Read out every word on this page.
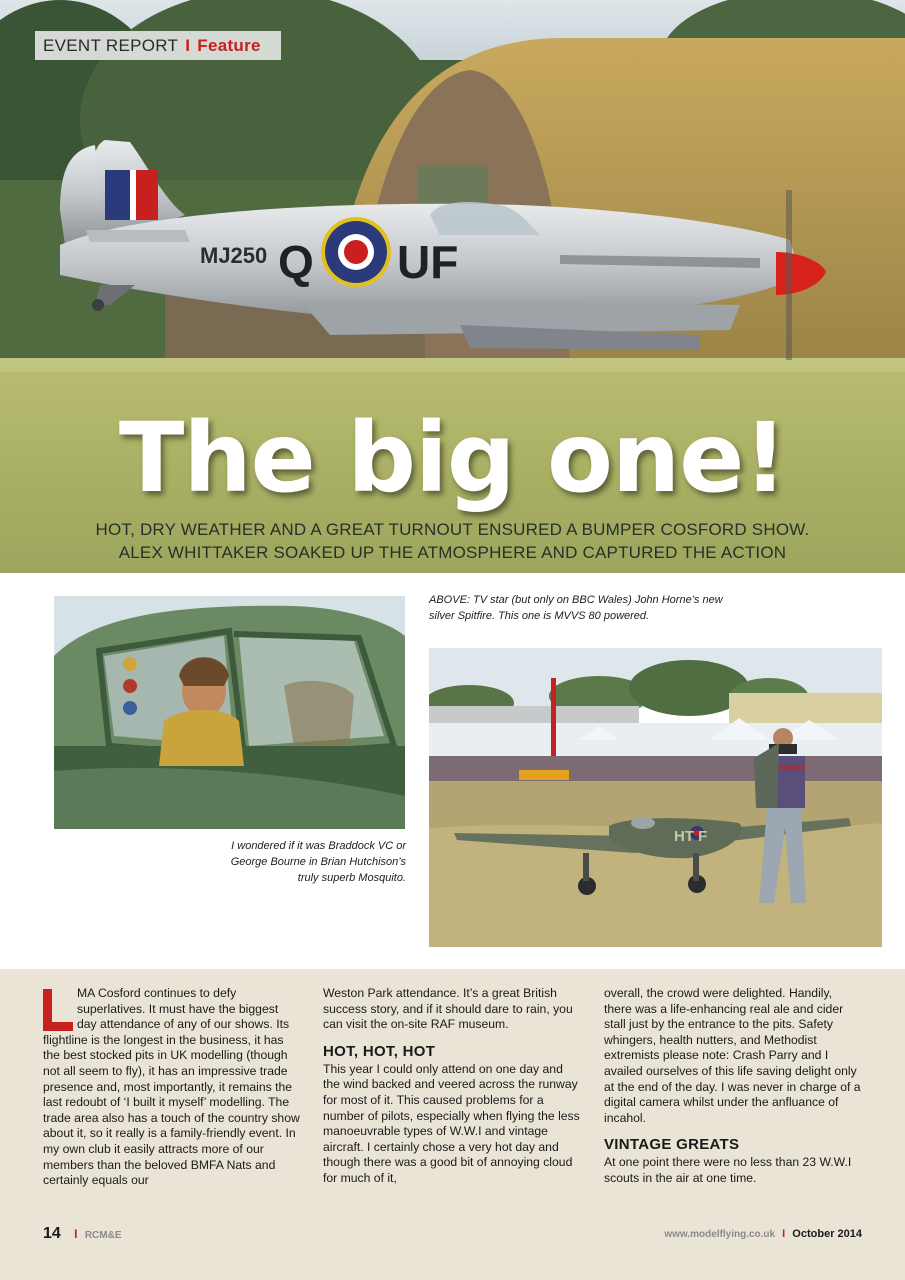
MJ250 Q UF
EVENT REPORT I Feature
The big one!
HOT, DRY WEATHER AND A GREAT TURNOUT ENSURED A BUMPER COSFORD SHOW.
ALEX WHITTAKER SOAKED UP THE ATMOSPHERE AND CAPTURED THE ACTION
ABOVE: TV star (but only on BBC Wales) John Horne’s new
silver Spitfire. This one is MVVS 80 powered.
I wondered if it was Braddock VC or
George Bourne in Brian Hutchison’s
truly superb Mosquito.
HT F

MA Cosford continues to defy superlatives. It must have the biggest day attendance of any of our shows. Its flightline is the longest in the business, it has the best stocked pits in UK modelling (though not all seem to fly), it has an impressive trade presence and, most importantly, it remains the last redoubt of ‘I built it myself’ modelling. The trade area also has a touch of the country show about it, so it really is a family-friendly event. In my own club it easily attracts more of our members than the beloved BMFA Nats and certainly equals our

Weston Park attendance. It’s a great British success story, and if it should dare to rain, you can visit the on-site RAF museum.

HOT, HOT, HOT

This year I could only attend on one day and the wind backed and veered across the runway for most of it. This caused problems for a number of pilots, especially when flying the less manoeuvrable types of W.W.I and vintage aircraft. I certainly chose a very hot day and though there was a good bit of annoying cloud for much of it,

overall, the crowd were delighted. Handily, there was a life-enhancing real ale and cider stall just by the entrance to the pits. Safety whingers, health nutters, and Methodist extremists please note: Crash Parry and I availed ourselves of this life saving delight only at the end of the day. I was never in charge of a digital camera whilst under the anfluance of incahol.

VINTAGE GREATS

At one point there were no less than 23 W.W.I scouts in the air at one time.

14 I RCM&E	www.modelflying.co.uk I October 2014
